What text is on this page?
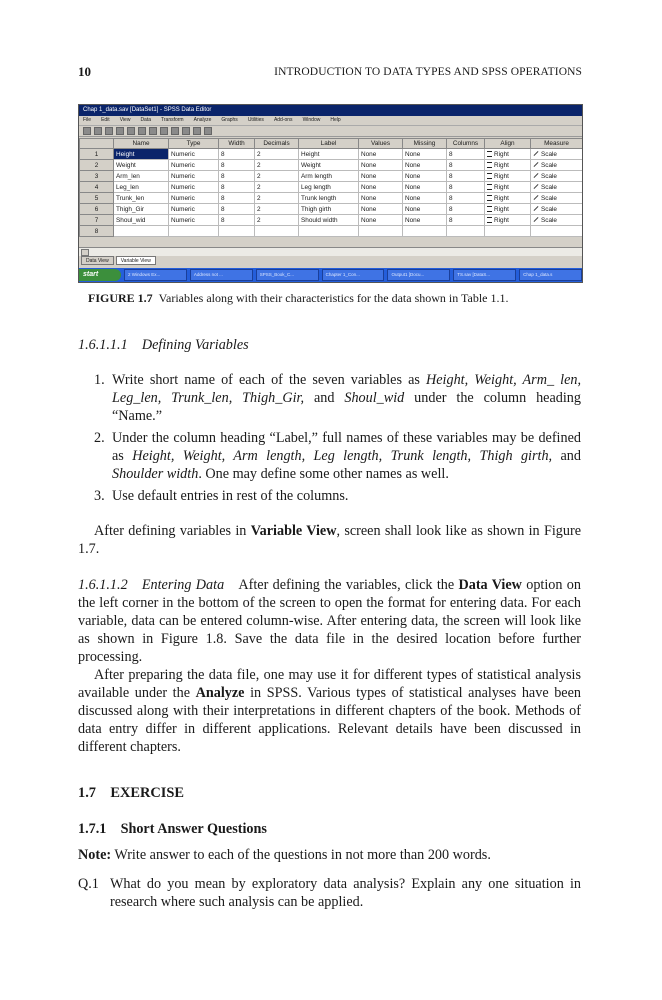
10	INTRODUCTION TO DATA TYPES AND SPSS OPERATIONS
Chap 1_data.sav [DataSet1] - SPSS Data Editor
File Edit View Data Transform Analyze Graphs Utilities Add-ons Window Help
	Name	Type	Width	Decimals	Label	Values	Missing	Columns	Align	Measure
1	Height	Numeric	8	2	Height	None	None	8	Right	Scale
2	Weight	Numeric	8	2	Weight	None	None	8	Right	Scale
3	Arm_len	Numeric	8	2	Arm length	None	None	8	Right	Scale
4	Leg_len	Numeric	8	2	Leg length	None	None	8	Right	Scale
5	Trunk_len	Numeric	8	2	Trunk length	None	None	8	Right	Scale
6	Thigh_Gir	Numeric	8	2	Thigh girth	None	None	8	Right	Scale
7	Shoul_wid	Numeric	8	2	Should width	None	None	8	Right	Scale
8										
Data View	Variable View
start	2 Windows Ex...	Address not ...	SPSS_Book_C...	Chapter 1_Con...	Output1 [Docu...	TS.sav [DataS...	Chap 1_data.s
FIGURE 1.7 Variables along with their characteristics for the data shown in Table 1.1.
1.6.1.1.1 Defining Variables
1. Write short name of each of the seven variables as Height, Weight, Arm_ len, Leg_len, Trunk_len, Thigh_Gir, and Shoul_wid under the column heading “Name.”
2. Under the column heading “Label,” full names of these variables may be defined as Height, Weight, Arm length, Leg length, Trunk length, Thigh girth, and Shoulder width. One may define some other names as well.
3. Use default entries in rest of the columns.
After defining variables in Variable View, screen shall look like as shown in Figure 1.7.
1.6.1.1.2 Entering Data After defining the variables, click the Data View option on the left corner in the bottom of the screen to open the format for entering data. For each variable, data can be entered column-wise. After entering data, the screen will look like as shown in Figure 1.8. Save the data file in the desired location before further processing.
After preparing the data file, one may use it for different types of statistical analysis available under the Analyze in SPSS. Various types of statistical analyses have been discussed along with their interpretations in different chapters of the book. Methods of data entry differ in different applications. Relevant details have been discussed in different chapters.
1.7 EXERCISE
1.7.1 Short Answer Questions
Note: Write answer to each of the questions in not more than 200 words.
Q.1 What do you mean by exploratory data analysis? Explain any one situation in research where such analysis can be applied.
